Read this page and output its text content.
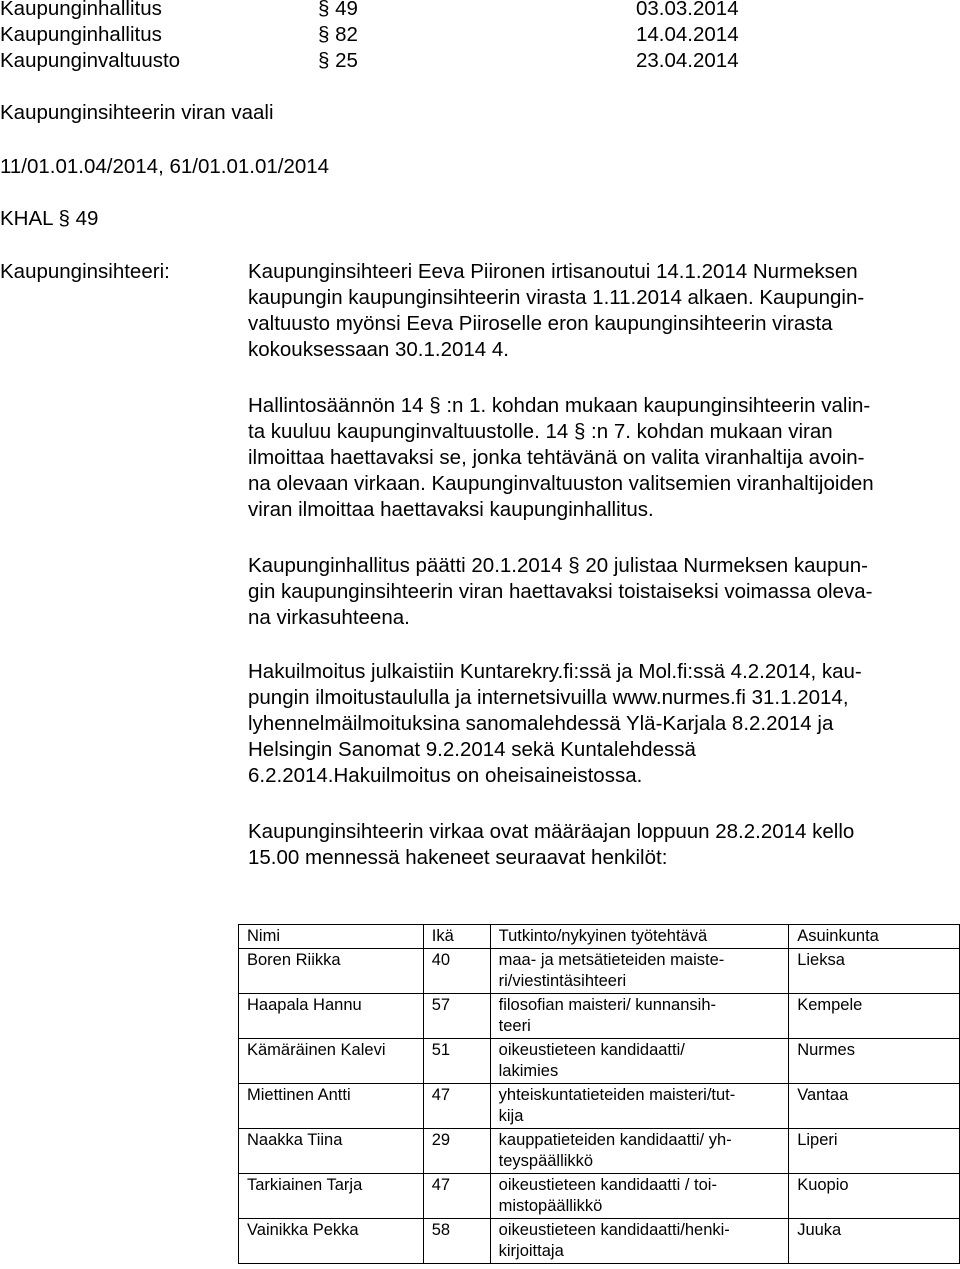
Kaupunginhallitus	§ 49	03.03.2014
Kaupunginhallitus	§ 82	14.04.2014
Kaupunginvaltuusto	§ 25	23.04.2014
Kaupunginsihteerin viran vaali
11/01.01.04/2014, 61/01.01.01/2014
KHAL § 49
Kaupunginsihteeri:	Kaupunginsihteeri Eeva Piironen irtisanoutui 14.1.2014 Nurmeksen
kaupungin kaupunginsihteerin virasta 1.11.2014 alkaen. Kaupungin-
valtuusto myönsi Eeva Piiroselle eron kaupunginsihteerin virasta
kokouksessaan 30.1.2014 4.
Hallintosäännön 14 § :n 1. kohdan mukaan kaupunginsihteerin valin-
ta kuuluu kaupunginvaltuustolle. 14 § :n 7. kohdan mukaan viran
ilmoittaa haettavaksi se, jonka tehtävänä on valita viranhaltija avoin-
na olevaan virkaan. Kaupunginvaltuuston valitsemien viranhaltijoiden
viran ilmoittaa haettavaksi kaupunginhallitus.
Kaupunginhallitus päätti 20.1.2014 § 20 julistaa Nurmeksen kaupun-
gin kaupunginsihteerin viran haettavaksi toistaiseksi voimassa oleva-
na virkasuhteena.
Hakuilmoitus julkaistiin Kuntarekry.fi:ssä ja Mol.fi:ssä 4.2.2014, kau-
pungin ilmoitustaululla ja internetsivuilla www.nurmes.fi 31.1.2014,
lyhennelmäilmoituksina sanomalehdessä Ylä-Karjala 8.2.2014 ja
Helsingin Sanomat 9.2.2014 sekä Kuntalehdessä
6.2.2014.Hakuilmoitus on oheisaineistossa.
Kaupunginsihteerin virkaa ovat määräajan loppuun 28.2.2014 kello
15.00 mennessä hakeneet seuraavat henkilöt:
Nimi	Ikä	Tutkinto/nykyinen työtehtävä	Asuinkunta
Boren Riikka	40	maa- ja metsätieteiden maiste-
ri/viestintäsihteeri	Lieksa
Haapala Hannu	57	filosofian maisteri/ kunnansih-
teeri	Kempele
Kämäräinen Kalevi	51	oikeustieteen kandidaatti/
lakimies	Nurmes
Miettinen Antti	47	yhteiskuntatieteiden maisteri/tut-
kija	Vantaa
Naakka Tiina	29	kauppatieteiden kandidaatti/ yh-
teyspäällikkö	Liperi
Tarkiainen Tarja	47	oikeustieteen kandidaatti / toi-
mistopäällikkö	Kuopio
Vainikka Pekka	58	oikeustieteen kandidaatti/henki-
kirjoittaja	Juuka
